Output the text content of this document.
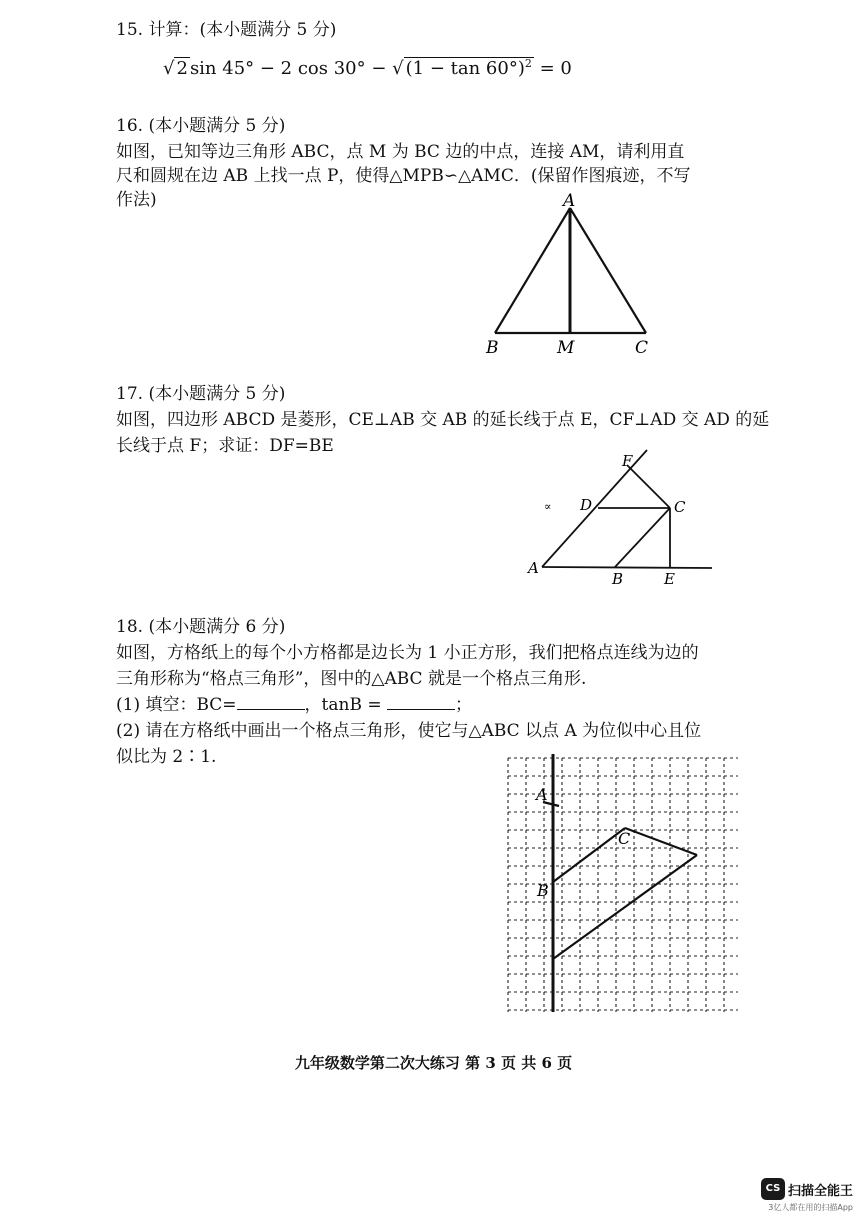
15. 计算：(本小题满分 5 分)
√ 2 sin 45° − 2 cos 30° − √ $(1 - \tan 60^\circ)^2 = 0$
16. (本小题满分 5 分)
如图，已知等边三角形 ABC，点 M 为 BC 边的中点，连接 AM，请利用直
尺和圆规在边 AB 上找一点 P，使得△MPB∽△AMC．(保留作图痕迹，不写
作法)	A
B	M	C
17. (本小题满分 5 分)
如图，四边形 ABCD 是菱形，CE⊥AB 交 AB 的延长线于点 E，CF⊥AD 交 AD 的延
长线于点 F；求证：DF=BE
F
D	C
A
B	E
∝
18. (本小题满分 6 分)
如图，方格纸上的每个小方格都是边长为 1 小正方形，我们把格点连线为边的
三角形称为“格点三角形”，图中的△ABC 就是一个格点三角形.
(1) 填空：BC=	，tanB =	；
(2) 请在方格纸中画出一个格点三角形，使它与△ABC 以点 A 为位似中心且位
似比为 2∶1.
A
B
C
九年级数学第二次大练习 第 3 页 共 6 页
CS 扫描全能王
3亿人都在用的扫描App
